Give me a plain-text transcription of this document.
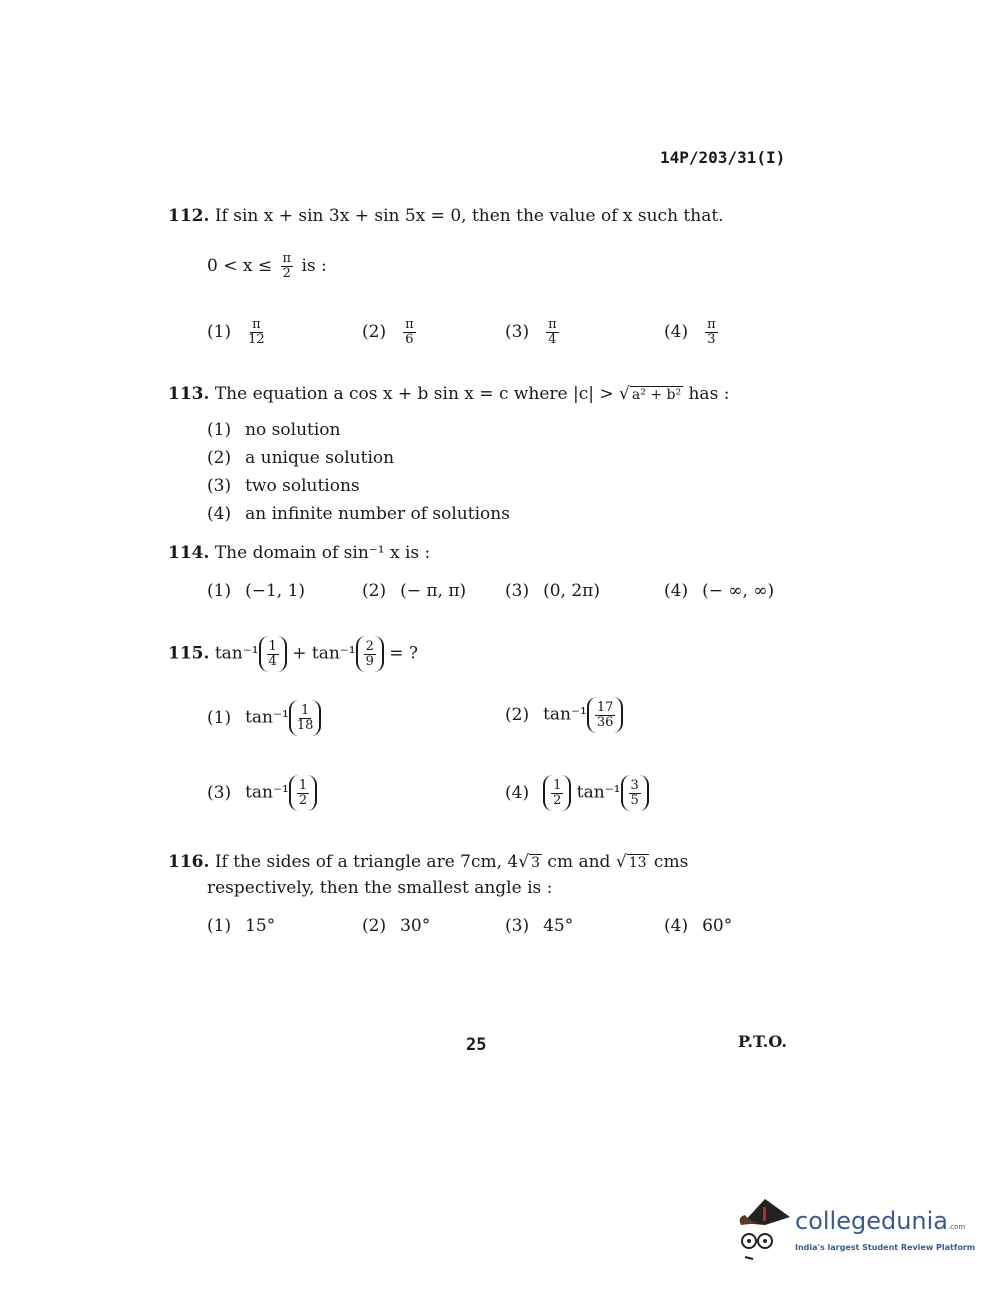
14P/203/31(I)
112. If sin x + sin 3x + sin 5x = 0, then the value of x such that.
$0 < x \le \frac{\pi}{2}$ is :
$(1) \frac{\pi}{12}$	$(2) \frac{\pi}{6}$	$(3) \frac{\pi}{4}$	$(4) \frac{\pi}{3}$
113. The equation a cos x + b sin x = c where |c| > √ a² + b² has :
(1) no solution
(2) a unique solution
(3) two solutions
(4) an infinite number of solutions
114. The domain of sin⁻¹ x is :
(1) (−1, 1)	(2) (− π, π) (3) (0, 2π)	(4) (− ∞, ∞)
115. $\tan^{-1} \frac{1}{4} + \tan^{-1} \frac{2}{9}$ = ?
(1) $\tan^{-1} \frac{1}{18}$	(2) $\tan^{-1} \frac{17}{36}$
(3) $\tan^{-1} \frac{1}{2}$	$(4) \frac{1}{2} \tan^{-1} \frac{3}{5}$
116. If the sides of a triangle are 7cm, 4√ 3 cm and √ 13 cms
respectively, then the smallest angle is :
(1) 15°	(2) 30°	(3) 45°	(4) 60°
25	P.T.O.
collegedunia.com
India's largest Student Review Platform
